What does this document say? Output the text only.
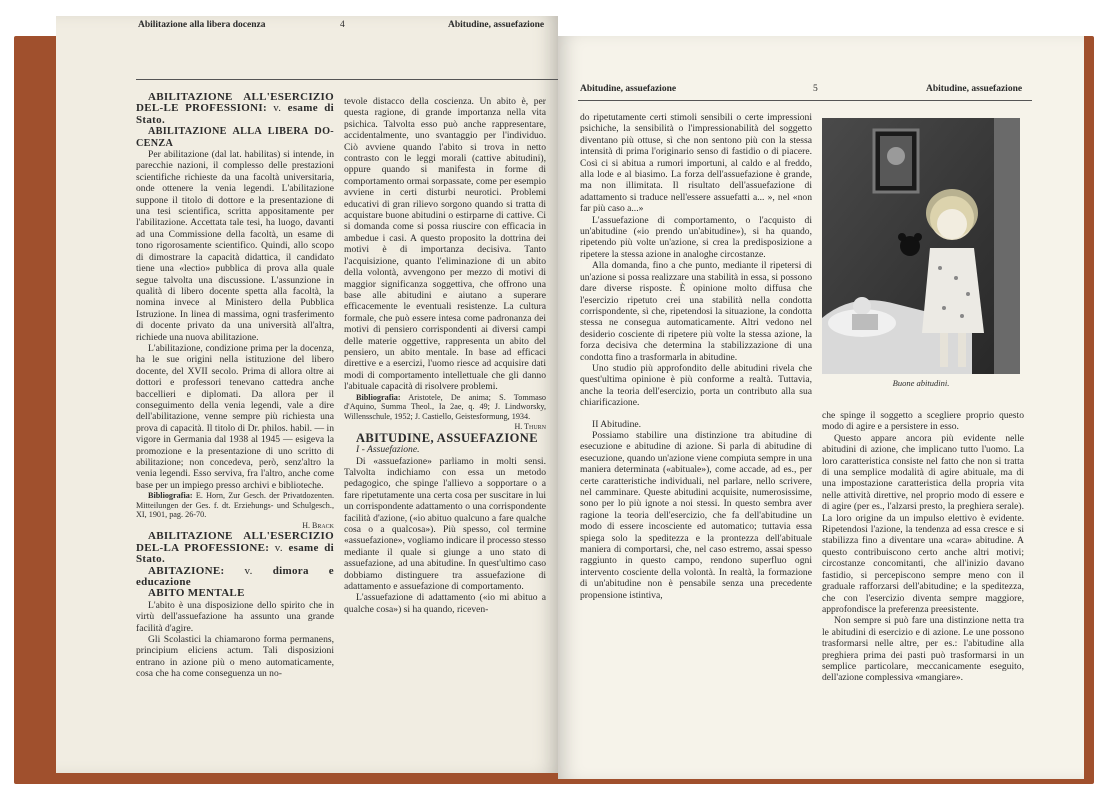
Abilitazione alla libera docenza	4	Abitudine, assuefazione

ABILITAZIONE ALL'ESERCIZIO DEL-LE PROFESSIONI: v. esame di Stato.

ABILITAZIONE ALLA LIBERA DO-CENZA

Per abilitazione (dal lat. habilitas) si intende, in parecchie nazioni, il complesso delle prestazioni scientifiche richieste da una facoltà universitaria, onde ottenere la venia legendi. L'abilitazione suppone il titolo di dottore e la presentazione di una tesi scientifica, scritta appositamente per l'abilitazione. Accettata tale tesi, ha luogo, davanti ad una Commissione della facoltà, un esame di tono rigorosamente scientifico. Quindi, allo scopo di dimostrare la capacità didattica, il candidato tiene una «lectio» pubblica di prova alla quale segue talvolta una discussione. L'assunzione in qualità di libero docente spetta alla facoltà, la nomina invece al Ministero della Pubblica Istruzione. In linea di massima, ogni trasferimento di docente privato da una università all'altra, richiede una nuova abilitazione.

L'abilitazione, condizione prima per la docenza, ha le sue origini nella istituzione del libero docente, del XVII secolo. Prima di allora oltre ai dottori e professori tenevano cattedra anche baccellieri e diplomati. Da allora per il conseguimento della venia legendi, vale a dire dell'abilitazione, venne sempre più richiesta una prova di capacità. Il titolo di Dr. philos. habil. — in vigore in Germania dal 1938 al 1945 — esigeva la promozione e la presentazione di uno scritto di abilitazione; non concedeva, però, senz'altro la venia legendi. Esso serviva, fra l'altro, anche come base per un impiego presso archivi e biblioteche.

Bibliografia: E. Horn, Zur Gesch. der Privatdozenten. Mitteilungen der Ges. f. dt. Erziehungs- und Schulgesch., XI, 1901, pag. 26-70.

H. Brack

ABILITAZIONE ALL'ESERCIZIO DEL-LA PROFESSIONE: v. esame di Stato.

ABITAZIONE: v. dimora e educazione

ABITO MENTALE

L'abito è una disposizione dello spirito che in virtù dell'assuefazione ha assunto una grande facilità d'agire.

Gli Scolastici la chiamarono forma permanens, principium eliciens actum. Tali disposizioni entrano in azione più o meno automaticamente, cosa che ha come conseguenza un no-

tevole distacco della coscienza. Un abito è, per questa ragione, di grande importanza nella vita psichica. Talvolta esso può anche rappresentare, accidentalmente, uno svantaggio per l'individuo. Ciò avviene quando l'abito si trova in netto contrasto con le leggi morali (cattive abitudini), oppure quando si manifesta in forme di comportamento ormai sorpassate, come per esempio avviene in certi disturbi neurotici. Problemi educativi di gran rilievo sorgono quando si tratta di acquistare buone abitudini o estirparne di cattive. Ci si domanda come si possa riuscire con efficacia in ambedue i casi. A questo proposito la dottrina dei motivi è di importanza decisiva. Tanto l'acquisizione, quanto l'eliminazione di un abito della volontà, avvengono per mezzo di motivi di maggior significanza soggettiva, che offrono una base alle abitudini e aiutano a superare efficacemente le eventuali resistenze. La cultura formale, che può essere intesa come padronanza dei motivi di pensiero corrispondenti ai diversi campi delle materie oggettive, rappresenta un abito del pensiero, un abito mentale. In base ad efficaci direttive e a esercizi, l'uomo riesce ad acquisire dati modi di comportamento intellettuale che gli danno l'abituale capacità di risolvere problemi.

Bibliografia: Aristotele, De anima; S. Tommaso d'Aquino, Summa Theol., Ia 2ae, q. 49; J. Lindworsky, Willensschule, 1952; J. Castiello, Geistesformung, 1934.

H. Thurn

ABITUDINE, ASSUEFAZIONE

I - Assuefazione.

Di «assuefazione» parliamo in molti sensi. Talvolta indichiamo con essa un metodo pedagogico, che spinge l'allievo a sopportare o a fare ripetutamente una certa cosa per suscitare in lui un corrispondente adattamento o una corrispondente facilità d'azione, («io abituo qualcuno a fare qualche cosa o a qualcosa»). Più spesso, col termine «assuefazione», vogliamo indicare il processo stesso mediante il quale si giunge a uno stato di assuefazione, ad una abitudine. In quest'ultimo caso dobbiamo distinguere tra assuefazione di adattamento e assuefazione di comportamento.

L'assuefazione di adattamento («io mi abituo a qualche cosa») si ha quando, riceven-

Abitudine, assuefazione	5	Abitudine, assuefazione

do ripetutamente certi stimoli sensibili o certe impressioni psichiche, la sensibilità o l'impressionabilità del soggetto diventano più ottuse, sì che non sentono più con la stessa intensità di prima l'originario senso di fastidio o di piacere. Così ci si abitua a rumori importuni, al caldo e al freddo, alla lode e al biasimo. La forza dell'assuefazione è grande, ma non illimitata. Il risultato dell'assuefazione di adattamento si traduce nell'essere assuefatti a... », nel «non far più caso a...»

L'assuefazione di comportamento, o l'acquisto di un'abitudine («io prendo un'abitudine»), si ha quando, ripetendo più volte un'azione, si crea la predisposizione a ripetere la stessa azione in analoghe circostanze.

Alla domanda, fino a che punto, mediante il ripetersi di un'azione si possa realizzare una stabilità in essa, si possono dare diverse risposte. È opinione molto diffusa che l'esercizio ripetuto crei una stabilità nella condotta corrispondente, sì che, ripetendosi la situazione, la condotta stessa ne consegua automaticamente. Altri vedono nel desiderio cosciente di ripetere più volte la stessa azione, la forza decisiva che determina la stabilizzazione di una condotta fino a trasformarla in abitudine.

Uno studio più approfondito delle abitudini rivela che quest'ultima opinione è più conforme a realtà. Tuttavia, anche la teoria dell'esercizio, porta un contributo alla sua chiarificazione.

II Abitudine.

Possiamo stabilire una distinzione tra abitudine di esecuzione e abitudine di azione. Si parla di abitudine di esecuzione, quando un'azione viene compiuta sempre in una maniera determinata («abituale»), come accade, ad es., per certe caratteristiche individuali, nel parlare, nello scrivere, nel camminare. Queste abitudini acquisite, numerosissime, sono per lo più ignote a noi stessi. In questo sembra aver ragione la teoria dell'esercizio, che fa dell'abitudine un modo di essere incosciente ed automatico; tuttavia essa spiega solo la speditezza e la prontezza dell'abituale maniera di comportarsi, che, nel caso estremo, assai spesso raggiunto in questo campo, rendono superfluo ogni intervento cosciente della volontà. In realtà, la formazione di un'abitudine non è pensabile senza una precedente propensione istintiva,

Buone abitudini.

che spinge il soggetto a scegliere proprio questo modo di agire e a persistere in esso.

Questo appare ancora più evidente nelle abitudini di azione, che implicano tutto l'uomo. La loro caratteristica consiste nel fatto che non si tratta di una semplice modalità di agire abituale, ma di una impostazione caratteristica della propria vita nelle attività direttive, nel proprio modo di essere e di agire (per es., l'alzarsi presto, la preghiera serale). La loro origine da un impulso elettivo è evidente. Ripetendosi l'azione, la tendenza ad essa cresce e si stabilizza fino a diventare una «cara» abitudine. A questo contribuiscono certo anche altri motivi; circostanze concomitanti, che all'inizio davano fastidio, si percepiscono sempre meno con il graduale rafforzarsi dell'abitudine; e la speditezza, che con l'esercizio diventa sempre maggiore, approfondisce la preferenza preesistente.

Non sempre si può fare una distinzione netta tra le abitudini di esercizio e di azione. Le une possono trasformarsi nelle altre, per es.: l'abitudine alla preghiera prima dei pasti può trasformarsi in un semplice particolare, meccanicamente eseguito, dell'azione complessiva «mangiare».
